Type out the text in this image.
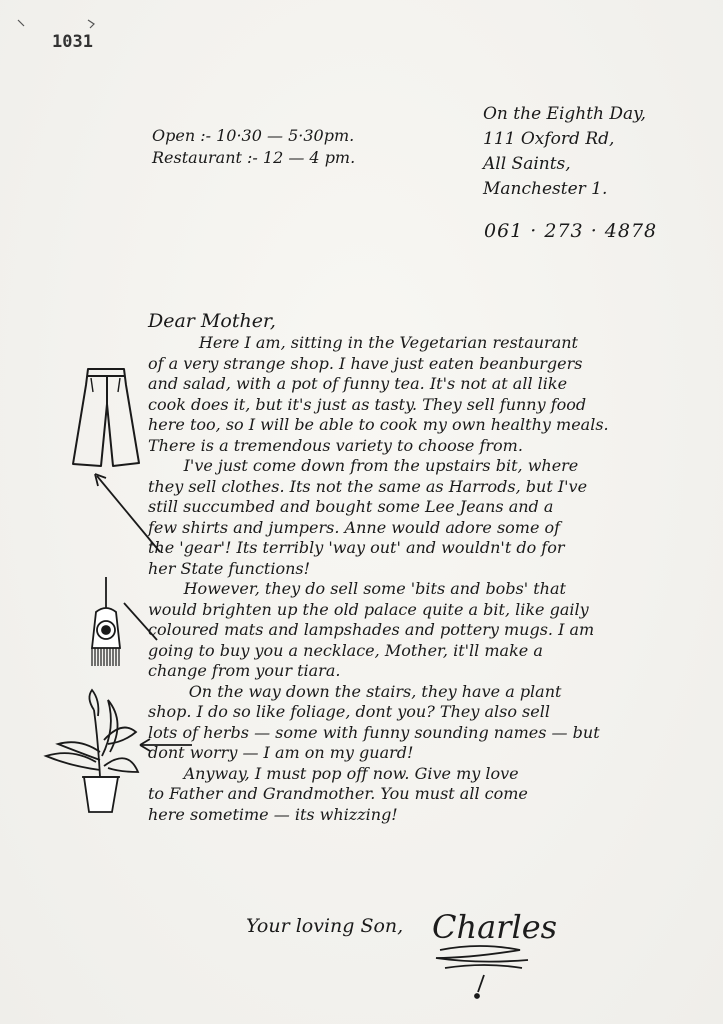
1031
Open :- 10·30 — 5·30pm.
Restaurant :- 12 — 4 pm.
On the Eighth Day,
111 Oxford Rd,
All Saints,
Manchester 1.
061 · 273 · 4878
Dear Mother,
Here I am, sitting in the Vegetarian restaurant
of a very strange shop. I have just eaten beanburgers
and salad, with a pot of funny tea. It's not at all like
cook does it, but it's just as tasty. They sell funny food
here too, so I will be able to cook my own healthy meals.
There is a tremendous variety to choose from.
I've just come down from the upstairs bit, where
they sell clothes. Its not the same as Harrods, but I've
still succumbed and bought some Lee Jeans and a
few shirts and jumpers. Anne would adore some of
the 'gear'! Its terribly 'way out' and wouldn't do for
her State functions!
However, they do sell some 'bits and bobs' that
would brighten up the old palace quite a bit, like gaily
coloured mats and lampshades and pottery mugs. I am
going to buy you a necklace, Mother, it'll make a
change from your tiara.
On the way down the stairs, they have a plant
shop. I do so like foliage, dont you? They also sell
lots of herbs — some with funny sounding names — but
dont worry — I am on my guard!
Anyway, I must pop off now. Give my love
to Father and Grandmother. You must all come
here sometime — its whizzing!
Your loving Son, Charles
